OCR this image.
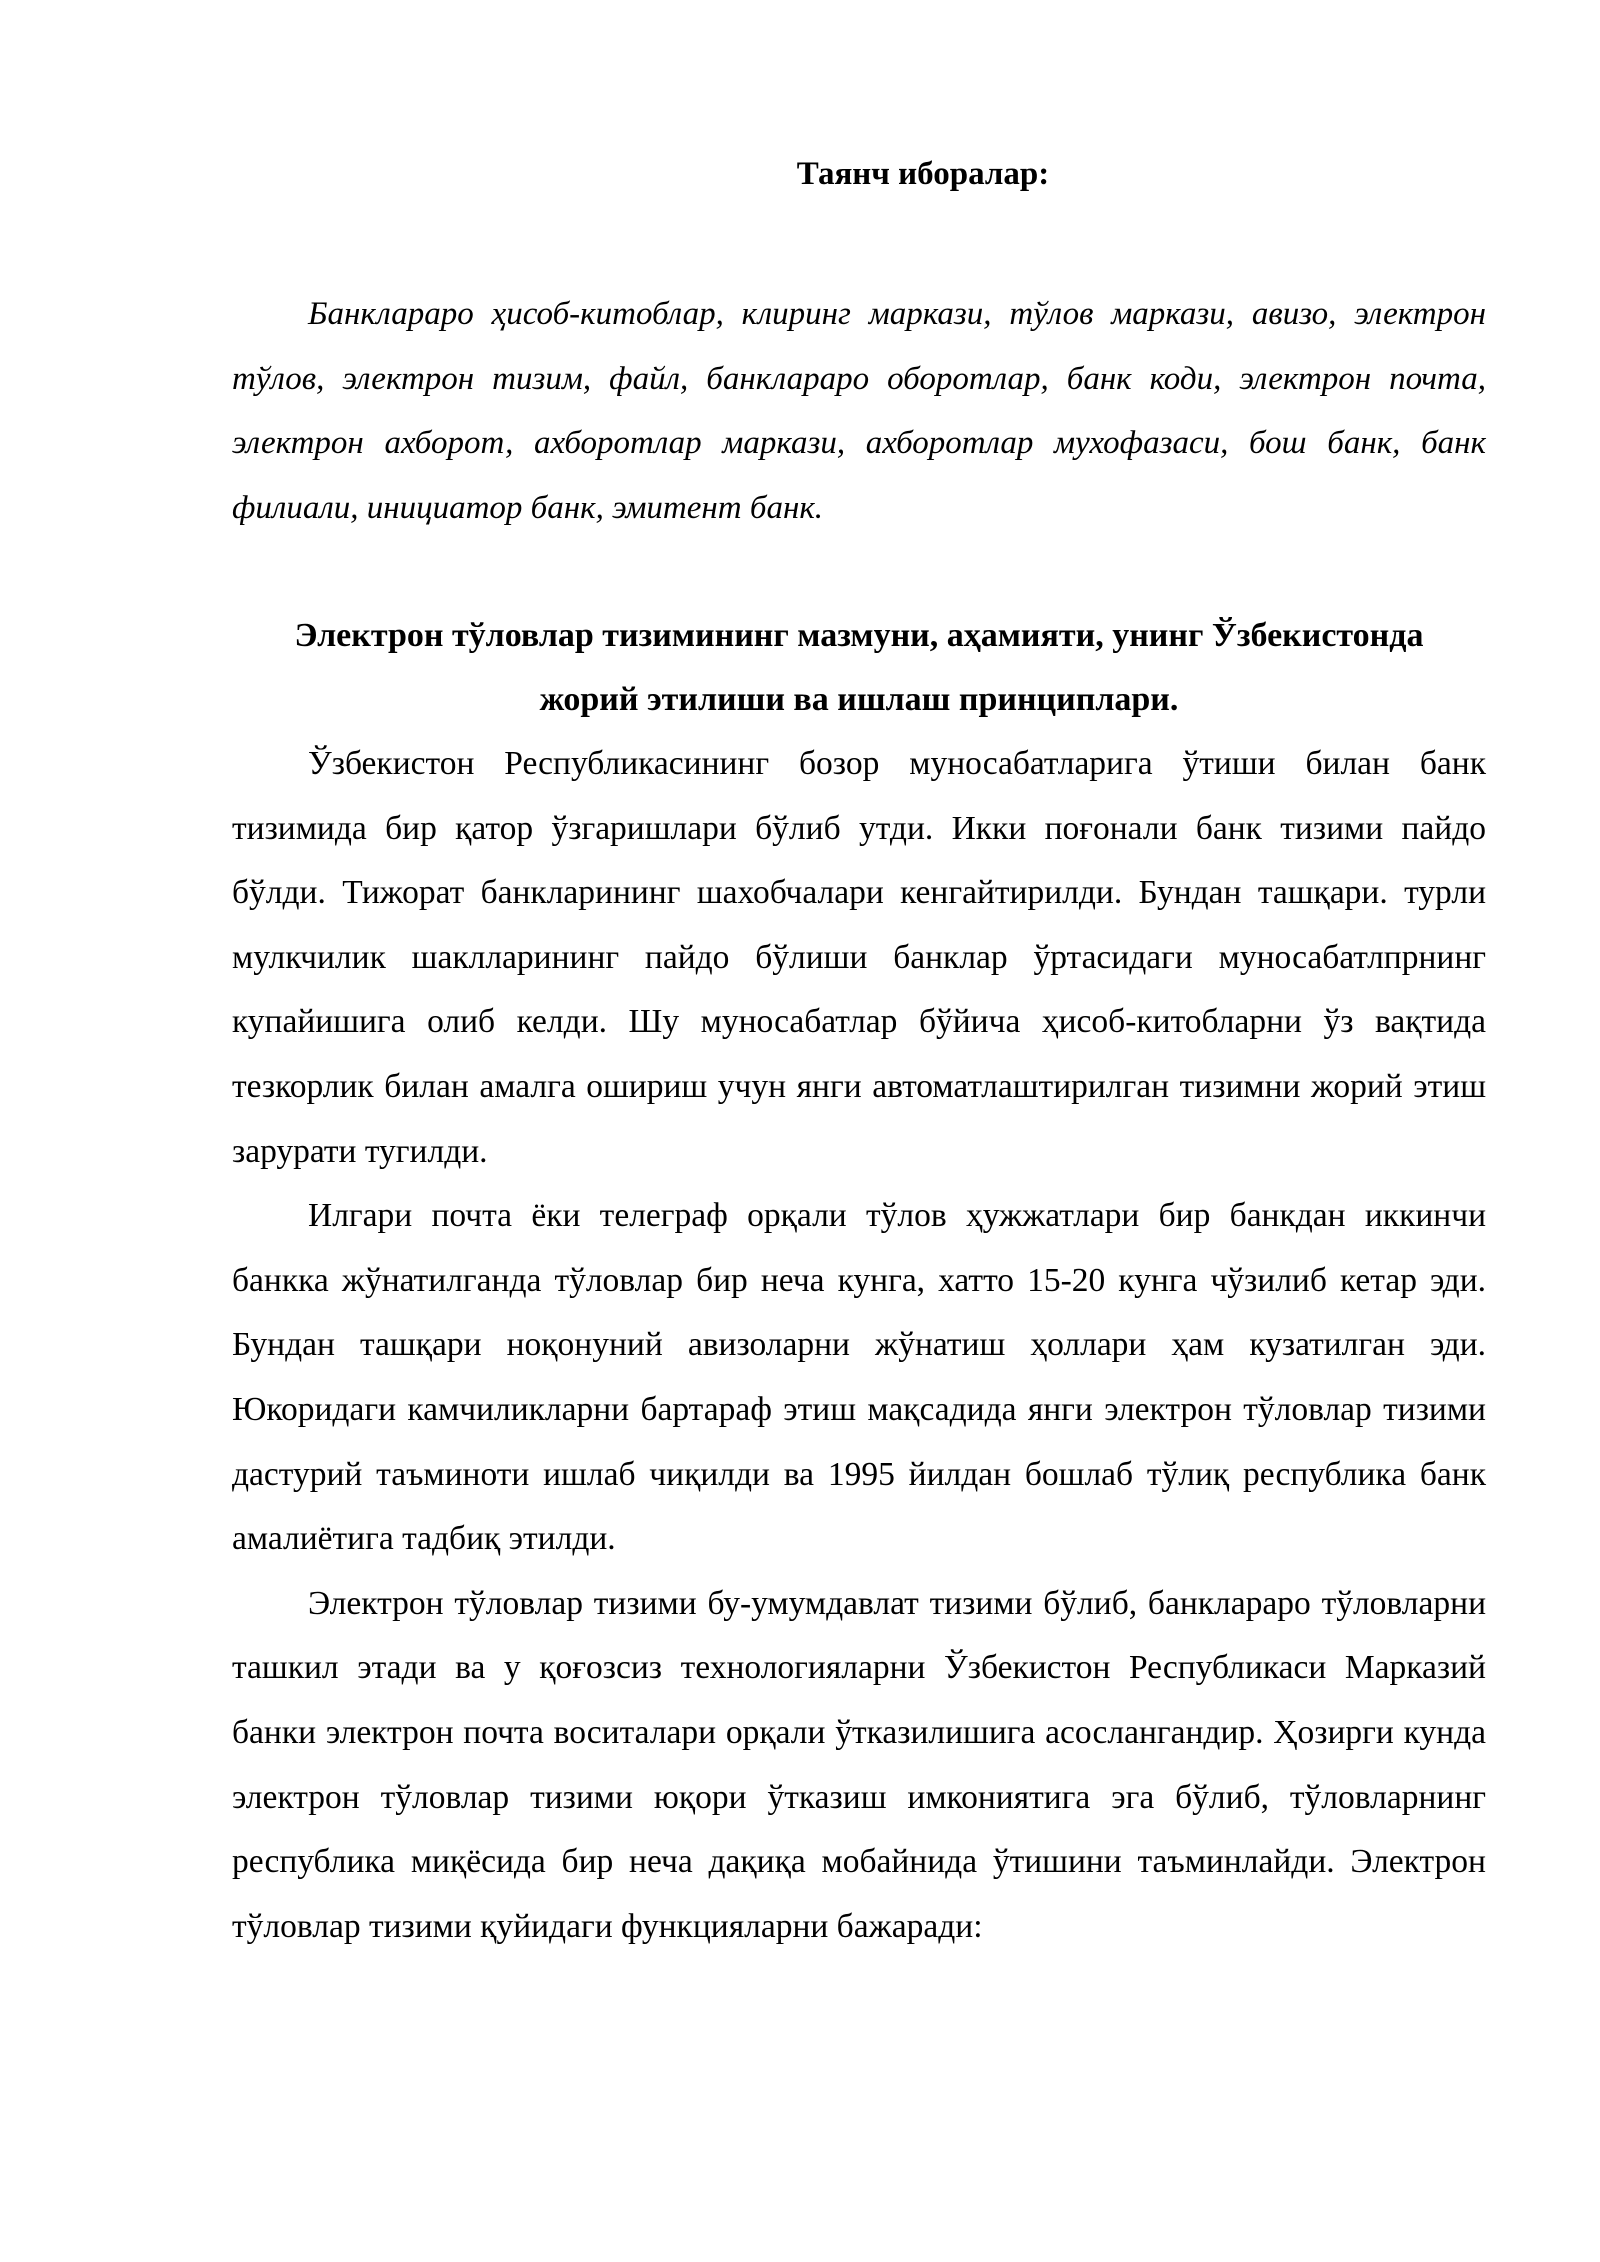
Таянч иборалар:

Банклараро ҳисоб-китоблар, клиринг маркази, тўлов маркази, авизо, электрон тўлов, электрон тизим, файл, банклараро оборотлар, банк коди, электрон почта, электрон ахборот, ахборотлар маркази, ахборотлар мухофазаси, бош банк, банк филиали, инициатор банк, эмитент банк.

Электрон тўловлар тизимининг мазмуни, аҳамияти, унинг Ўзбекистонда
жорий этилиши ва ишлаш принциплари.

Ўзбекистон Республикасининг бозор муносабатларига ўтиши билан банк тизимида бир қатор ўзгаришлари бўлиб утди. Икки поғонали банк тизими пайдо бўлди. Тижорат банкларининг шахобчалари кенгайтирилди. Бундан ташқари. турли мулкчилик шаклларининг пайдо бўлиши банклар ўртасидаги муносабатлпрнинг купайишига олиб келди. Шу муносабатлар бўйича ҳисоб-китобларни ўз вақтида тезкорлик билан амалга ошириш учун янги автоматлаштирилган тизимни жорий этиш зарурати тугилди.

Илгари почта ёки телеграф орқали тўлов ҳужжатлари бир банкдан иккинчи банкка жўнатилганда тўловлар бир неча кунга, хатто 15-20 кунга чўзилиб кетар эди. Бундан ташқари ноқонуний авизоларни жўнатиш ҳоллари ҳам кузатилган эди. Юкоридаги камчиликларни бартараф этиш мақсадида янги электрон тўловлар тизими дастурий таъминоти ишлаб чиқилди ва 1995 йилдан бошлаб тўлиқ республика банк амалиётига тадбиқ этилди.

Электрон тўловлар тизими бу-умумдавлат тизими бўлиб, банклараро тўловларни ташкил этади ва у қоғозсиз технологияларни Ўзбекистон Республикаси Марказий банки электрон почта воситалари орқали ўтказилишига асослангандир. Ҳозирги кунда электрон тўловлар тизими юқори ўтказиш имкониятига эга бўлиб, тўловларнинг республика миқёсида бир неча дақиқа мобайнида ўтишини таъминлайди. Электрон тўловлар тизими қуйидаги функцияларни бажаради:
